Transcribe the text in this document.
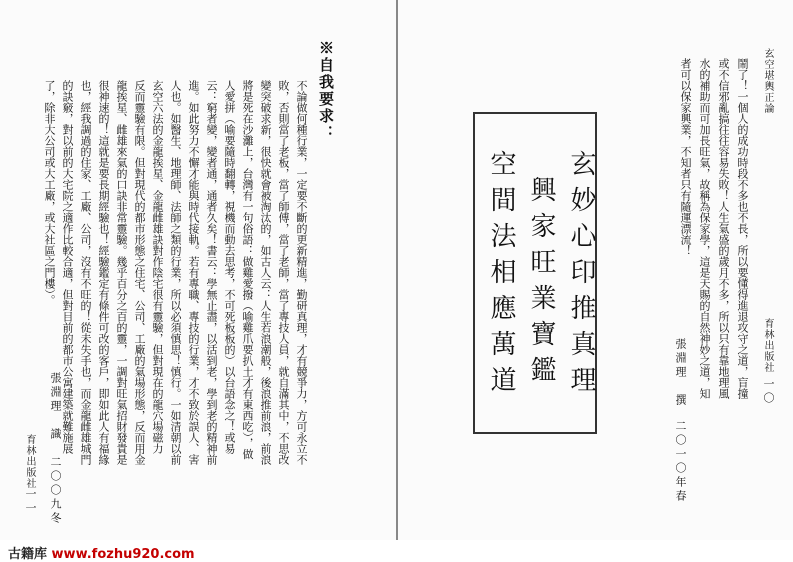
※自我要求：
不論做何種行業，一定要不斷的更新精進，勤研真理，才有競爭力，方可永立不
敗，否則當了老板，當了師傅，當了老師，當了專技人員，就自滿其中，不思改
變突破求新，很快就會被淘汰的，如古人云：人生若浪潮般，後浪推前浪，前浪
將是死在沙灘上，台灣有一句俗語：做雞愛撥（喻雞爪要扒土才有東西吃），做
人愛拼（喻要隨時翻轉，視機而動去思考，不可死板板的）以台語念之！或易
云：窮者變，變者通，通者久矣！書云：學無止盡，以活到老，學到老的精神前
進。如此努力不懈才能與時代接軌。若有專職、專技的行業，才不致於誤人、害
人也。如醫生、地理師、法師之類的行業，所以必須慎思！慎行。一如清朝以前
玄空六法的金龍挨星、金龍雌雄訣對作陰宅很有靈驗，但對現在的龍穴場磁力
反而靈驗有限。但對現代的都市形態之住宅、公司、工廠的氣場形態，反而用金
龍挨星、雌雄來氣的口訣非常靈驗。幾乎百分之百的靈，一調對旺氣招財發貴是
很神速的！這就是要長期經驗也！經驗鑑定有條件可改的客戶，即如此人有福緣
也，經我調過的住家、工廠、公司，沒有不旺的！從未失手也，而金龍雌雄城門
的訣竅，對以前的大宅院之適作比較合適，但對目前的都市公寓建築就難施展
了，除非大公司或大工廠，或大社區之門樓）。
張淵理　識
二〇〇九冬
育林出版社
一一
玄空堪輿正論
鬧了！一個人的成功時段不多也不長，所以要懂得進退攻守之道，盲撞
或不信邪亂搞往往容易失敗！人生氣盛的歲月不多，所以只有靠地理風
水的補助而可加長旺氣，故稱為保家學，這是天賜的自然神妙之道，知
者可以保家興業，不知者只有隨運漂流！
張淵理　撰
二〇一〇年春
育林出版社
一〇
玄妙心印推真理
興家旺業寶鑑
空間法相應萬道
古籍库 www.fozhu920.com
